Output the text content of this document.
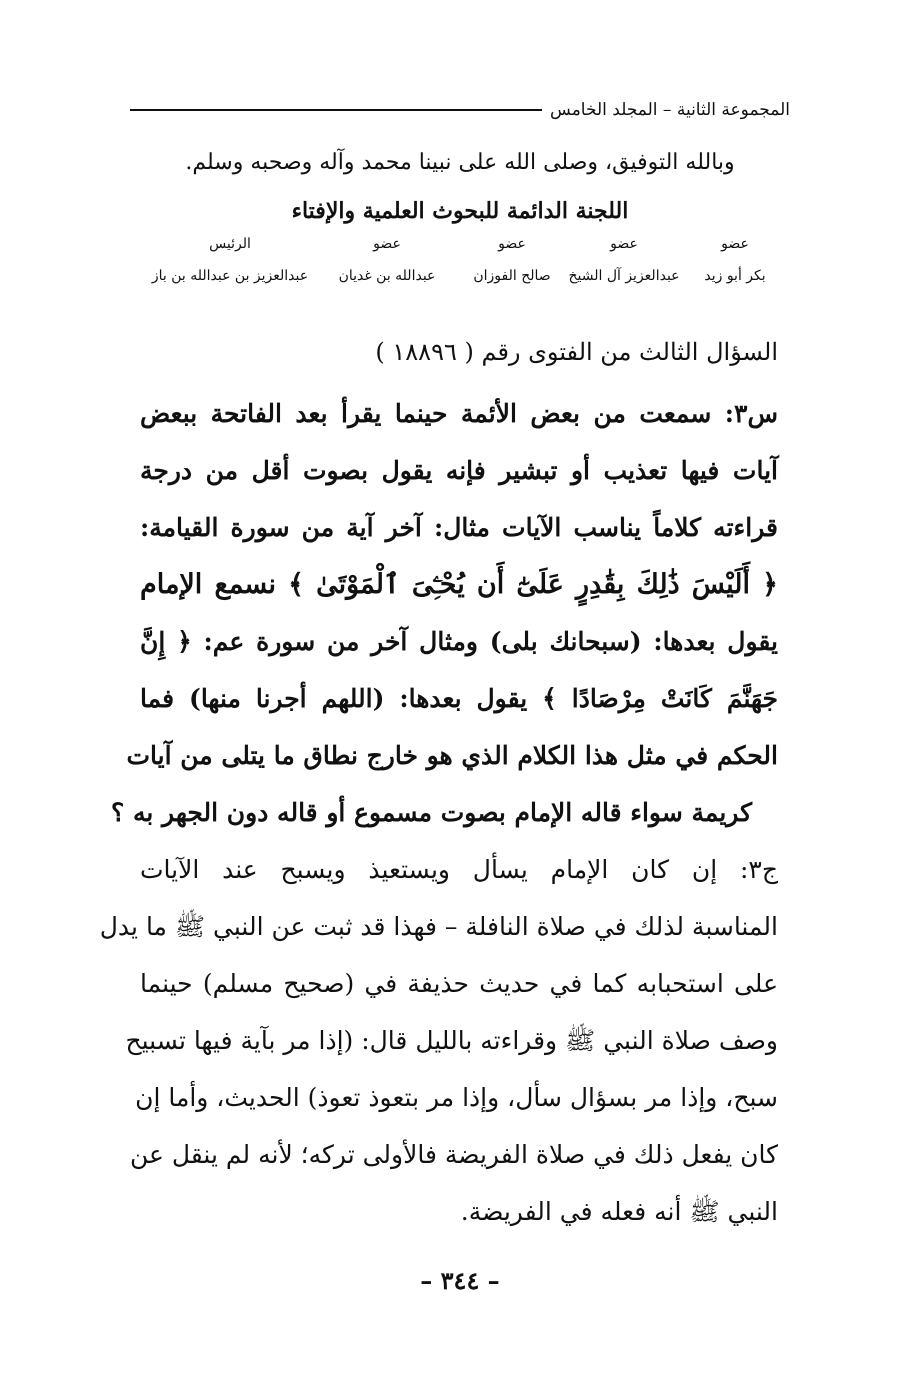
المجموعة الثانية – المجلد الخامس
وبالله التوفيق، وصلى الله على نبينا محمد وآله وصحبه وسلم.
اللجنة الدائمة للبحوث العلمية والإفتاء
عضو
بكر أبو زيد
عضو
عبدالعزيز آل الشيخ
عضو
صالح الفوزان
عضو
عبدالله بن غديان
الرئيس
عبدالعزيز بن عبدالله بن باز
السؤال الثالث من الفتوى رقم ( ١٨٨٩٦ )
س٣: سمعت من بعض الأئمة حينما يقرأ بعد الفاتحة ببعض
آيات فيها تعذيب أو تبشير فإنه يقول بصوت أقل من درجة
قراءته كلاماً يناسب الآيات مثال: آخر آية من سورة القيامة:
﴿ أَلَيْسَ ذَٰلِكَ بِقَٰدِرٍ عَلَىٰٓ أَن يُحْـِۧىَ ٱلْمَوْتَىٰ ﴾ نسمع الإمام
يقول بعدها: (سبحانك بلى) ومثال آخر من سورة عم: ﴿ إِنَّ
جَهَنَّمَ كَانَتْ مِرْصَادًا ﴾ يقول بعدها: (اللهم أجرنا منها) فما
الحكم في مثل هذا الكلام الذي هو خارج نطاق ما يتلى من آيات
كريمة سواء قاله الإمام بصوت مسموع أو قاله دون الجهر به ؟
ج٣: إن كان الإمام يسأل ويستعيذ ويسبح عند الآيات
المناسبة لذلك في صلاة النافلة – فهذا قد ثبت عن النبي ﷺ ما يدل
على استحبابه كما في حديث حذيفة في (صحيح مسلم) حينما
وصف صلاة النبي ﷺ وقراءته بالليل قال: (إذا مر بآية فيها تسبيح
سبح، وإذا مر بسؤال سأل، وإذا مر بتعوذ تعوذ) الحديث، وأما إن
كان يفعل ذلك في صلاة الفريضة فالأولى تركه؛ لأنه لم ينقل عن
النبي ﷺ أنه فعله في الفريضة.
– ٣٤٤ –
